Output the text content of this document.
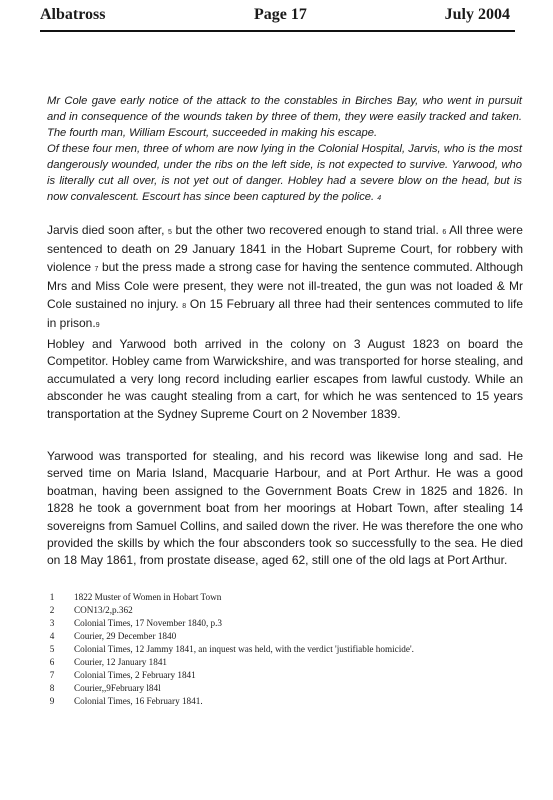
Albatross	Page 17	July 2004

Mr Cole gave early notice of the attack to the constables in Birches Bay, who went in pursuit and in consequence of the wounds taken by three of them, they were easily tracked and taken. The fourth man, William Escourt, succeeded in making his escape.

Of these four men, three of whom are now lying in the Colonial Hospital, Jarvis, who is the most dangerously wounded, under the ribs on the left side, is not expected to survive. Yarwood, who is literally cut all over, is not yet out of danger. Hobley had a severe blow on the head, but is now convalescent. Escourt has since been captured by the police. 4

Jarvis died soon after, 5 but the other two recovered enough to stand trial. 6 All three were sentenced to death on 29 January 1841 in the Hobart Supreme Court, for robbery with violence 7 but the press made a strong case for having the sentence commuted. Although Mrs and Miss Cole were present, they were not ill-treated, the gun was not loaded & Mr Cole sustained no injury. 8 On 15 February all three had their sentences commuted to life in prison.9

Hobley and Yarwood both arrived in the colony on 3 August 1823 on board the Competitor. Hobley came from Warwickshire, and was transported for horse stealing, and accumulated a very long record including earlier escapes from lawful custody. While an absconder he was caught stealing from a cart, for which he was sentenced to 15 years transportation at the Sydney Supreme Court on 2 November 1839.

Yarwood was transported for stealing, and his record was likewise long and sad. He served time on Maria Island, Macquarie Harbour, and at Port Arthur. He was a good boatman, having been assigned to the Government Boats Crew in 1825 and 1826. In 1828 he took a government boat from her moorings at Hobart Town, after stealing 14 sovereigns from Samuel Collins, and sailed down the river. He was therefore the one who provided the skills by which the four absconders took so successfully to the sea. He died on 18 May 1861, from prostate disease, aged 62, still one of the old lags at Port Arthur.

1	1822 Muster of Women in Hobart Town
2	CON13/2,p.362
3	Colonial Times, 17 November 1840, p.3
4	Courier, 29 December 1840
5	Colonial Times, 12 Jammy 1841, an inquest was held, with the verdict 'justifiable homicide'.
6	Courier, 12 January 1841
7	Colonial Times, 2 February 1841
8	Courier,,9February l84l
9	Colonial Times, 16 February 1841.
